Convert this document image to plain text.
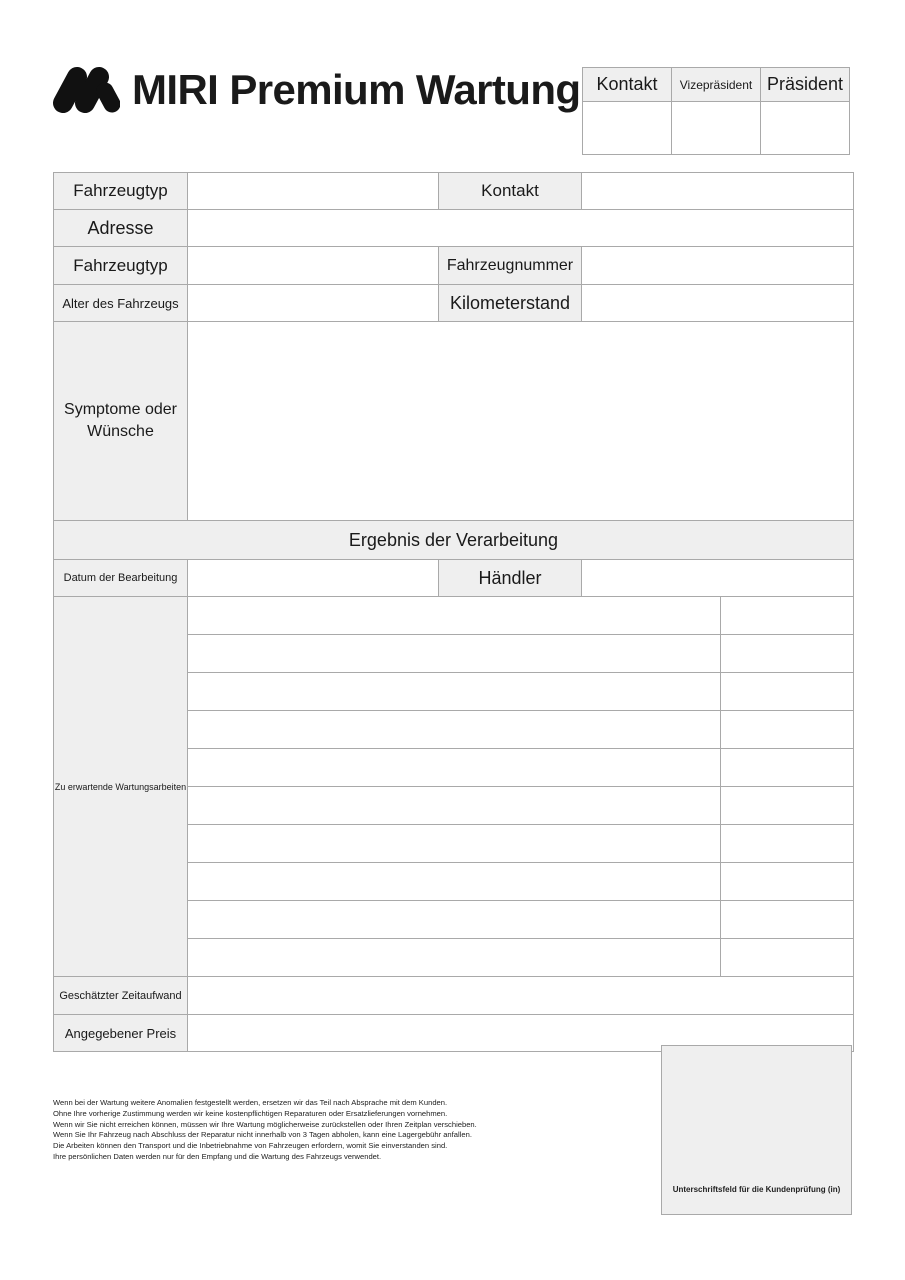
MIRI Premium Wartung Kontakt	Vizepräsident	Präsident

Fahrzeugtyp		Kontakt	
Adresse	
Fahrzeugtyp		Fahrzeugnummer	
Alter des Fahrzeugs		Kilometerstand	

Symptome oder
Wünsche

Ergebnis der Verarbeitung
Datum der Bearbeitung		Händler	
Zu erwartende Wartungsarbeiten	

Geschätzter Zeitaufwand	
Angegebener Preis	
Wenn bei der Wartung weitere Anomalien festgestellt werden, ersetzen wir das Teil nach Absprache mit dem Kunden.
Ohne Ihre vorherige Zustimmung werden wir keine kostenpflichtigen Reparaturen oder Ersatzlieferungen vornehmen.
Wenn wir Sie nicht erreichen können, müssen wir Ihre Wartung möglicherweise zurückstellen oder Ihren Zeitplan verschieben.
Wenn Sie Ihr Fahrzeug nach Abschluss der Reparatur nicht innerhalb von 3 Tagen abholen, kann eine Lagergebühr anfallen.
Die Arbeiten können den Transport und die Inbetriebnahme von Fahrzeugen erfordern, womit Sie einverstanden sind.
Ihre persönlichen Daten werden nur für den Empfang und die Wartung des Fahrzeugs verwendet.
Unterschriftsfeld für die Kundenprüfung (in)
